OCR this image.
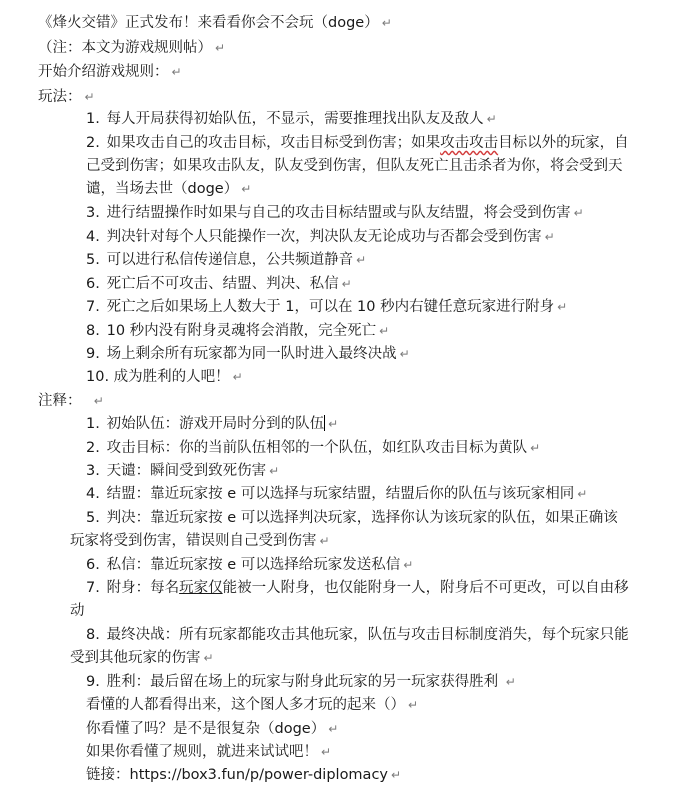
《烽火交错》正式发布！来看看你会不会玩（doge） ↵
（注：本文为游戏规则帖） ↵
开始介绍游戏规则： ↵
玩法： ↵
1. 每人开局获得初始队伍，不显示，需要推理找出队友及敌人 ↵
2. 如果攻击自己的攻击目标，攻击目标受到伤害；如果攻击攻击目标以外的玩家，自
己受到伤害；如果攻击队友，队友受到伤害，但队友死亡且击杀者为你，将会受到天
谴，当场去世（doge） ↵
3. 进行结盟操作时如果与自己的攻击目标结盟或与队友结盟，将会受到伤害 ↵
4. 判决针对每个人只能操作一次，判决队友无论成功与否都会受到伤害 ↵
5. 可以进行私信传递信息，公共频道静音 ↵
6. 死亡后不可攻击、结盟、判决、私信 ↵
7. 死亡之后如果场上人数大于 1，可以在 10 秒内右键任意玩家进行附身 ↵
8. 10 秒内没有附身灵魂将会消散，完全死亡 ↵
9. 场上剩余所有玩家都为同一队时进入最终决战 ↵
10. 成为胜利的人吧！ ↵
注释： ↵
1. 初始队伍：游戏开局时分到的队伍 ↵
2. 攻击目标：你的当前队伍相邻的一个队伍，如红队攻击目标为黄队 ↵
3. 天谴：瞬间受到致死伤害 ↵
4. 结盟：靠近玩家按 e 可以选择与玩家结盟，结盟后你的队伍与该玩家相同 ↵
5. 判决：靠近玩家按 e 可以选择判决玩家，选择你认为该玩家的队伍，如果正确该
玩家将受到伤害，错误则自己受到伤害 ↵
6. 私信：靠近玩家按 e 可以选择给玩家发送私信 ↵
7. 附身：每名玩家仅能被一人附身，也仅能附身一人，附身后不可更改，可以自由移
动
8. 最终决战：所有玩家都能攻击其他玩家，队伍与攻击目标制度消失，每个玩家只能
受到其他玩家的伤害 ↵
9. 胜利：最后留在场上的玩家与附身此玩家的另一玩家获得胜利 ↵
看懂的人都看得出来，这个图人多才玩的起来（） ↵
你看懂了吗？是不是很复杂（doge） ↵
如果你看懂了规则，就进来试试吧！ ↵
链接：https://box3.fun/p/power-diplomacy ↵
